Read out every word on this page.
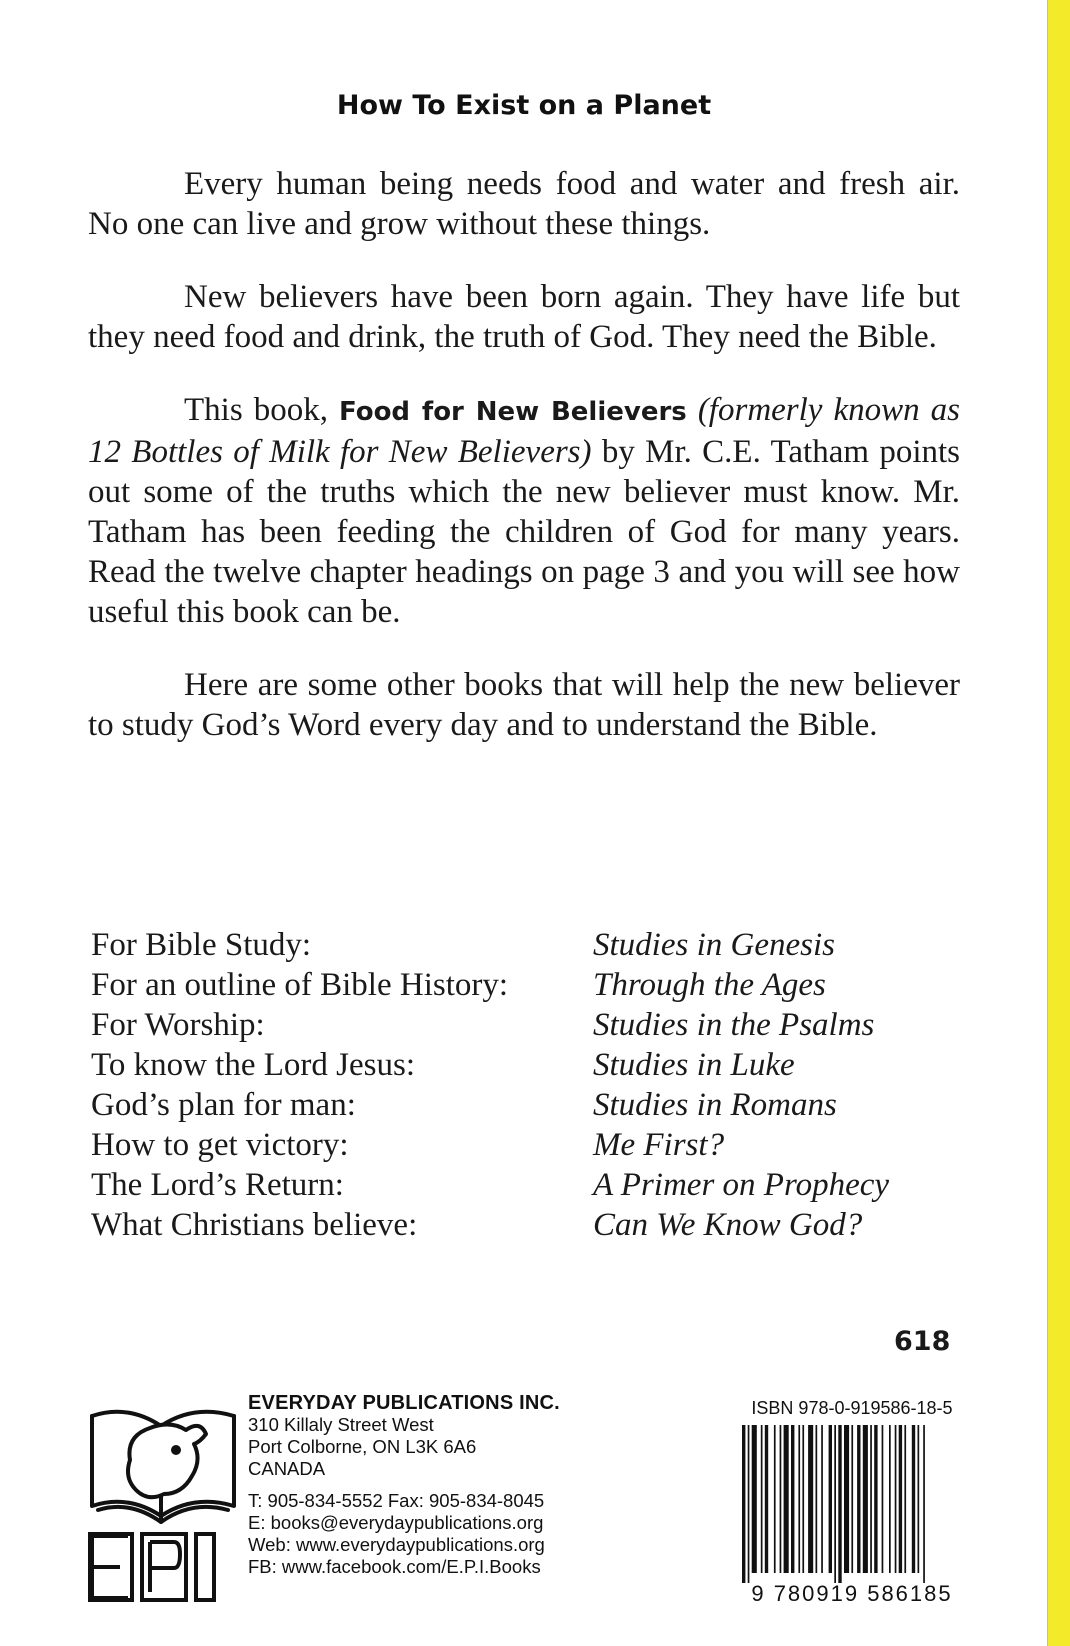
How To Exist on a Planet

Every human being needs food and water and fresh air. No one can live and grow without these things.

New believers have been born again. They have life but they need food and drink, the truth of God. They need the Bible.

This book, Food for New Believers (formerly known as 12 Bottles of Milk for New Believers) by Mr. C.E. Tatham points out some of the truths which the new believer must know. Mr. Tatham has been feeding the children of God for many years. Read the twelve chapter headings on page 3 and you will see how useful this book can be.

Here are some other books that will help the new believer to study God’s Word every day and to understand the Bible.

For Bible Study:	Studies in Genesis
For an outline of Bible History:	Through the Ages
For Worship:	Studies in the Psalms
To know the Lord Jesus:	Studies in Luke
God’s plan for man:	Studies in Romans
How to get victory:	Me First?
The Lord’s Return:	A Primer on Prophecy
What Christians believe:	Can We Know God?
618
EVERYDAY PUBLICATIONS INC.
310 Killaly Street West
Port Colborne, ON L3K 6A6
CANADA
T: 905-834-5552 Fax: 905-834-8045
E: books@everydaypublications.org
Web: www.everydaypublications.org
FB: www.facebook.com/E.P.I.Books
ISBN 978-0-919586-18-5
9 780919 586185
